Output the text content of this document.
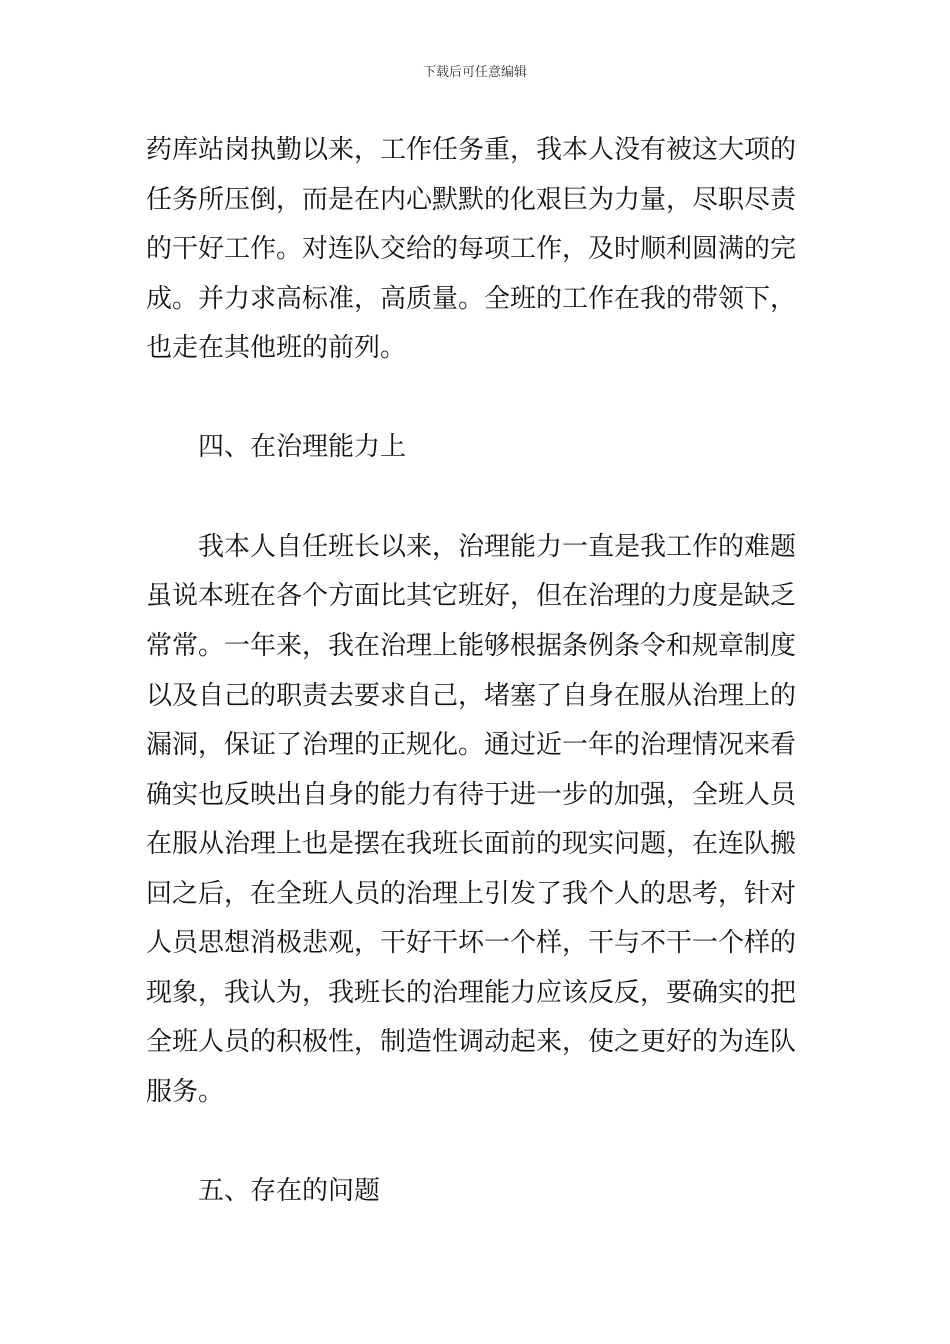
下载后可任意编辑
药库站岗执勤以来，工作任务重，我本人没有被这大项的
任务所压倒，而是在内心默默的化艰巨为力量，尽职尽责
的干好工作。对连队交给的每项工作，及时顺利圆满的完
成。并力求高标准，高质量。全班的工作在我的带领下，
也走在其他班的前列。
四、在治理能力上
我本人自任班长以来，治理能力一直是我工作的难题
虽说本班在各个方面比其它班好，但在治理的力度是缺乏
常常。一年来，我在治理上能够根据条例条令和规章制度
以及自己的职责去要求自己，堵塞了自身在服从治理上的
漏洞，保证了治理的正规化。通过近一年的治理情况来看
确实也反映出自身的能力有待于进一步的加强，全班人员
在服从治理上也是摆在我班长面前的现实问题，在连队搬
回之后，在全班人员的治理上引发了我个人的思考，针对
人员思想消极悲观，干好干坏一个样，干与不干一个样的
现象，我认为，我班长的治理能力应该反反，要确实的把
全班人员的积极性，制造性调动起来，使之更好的为连队
服务。
五、存在的问题
